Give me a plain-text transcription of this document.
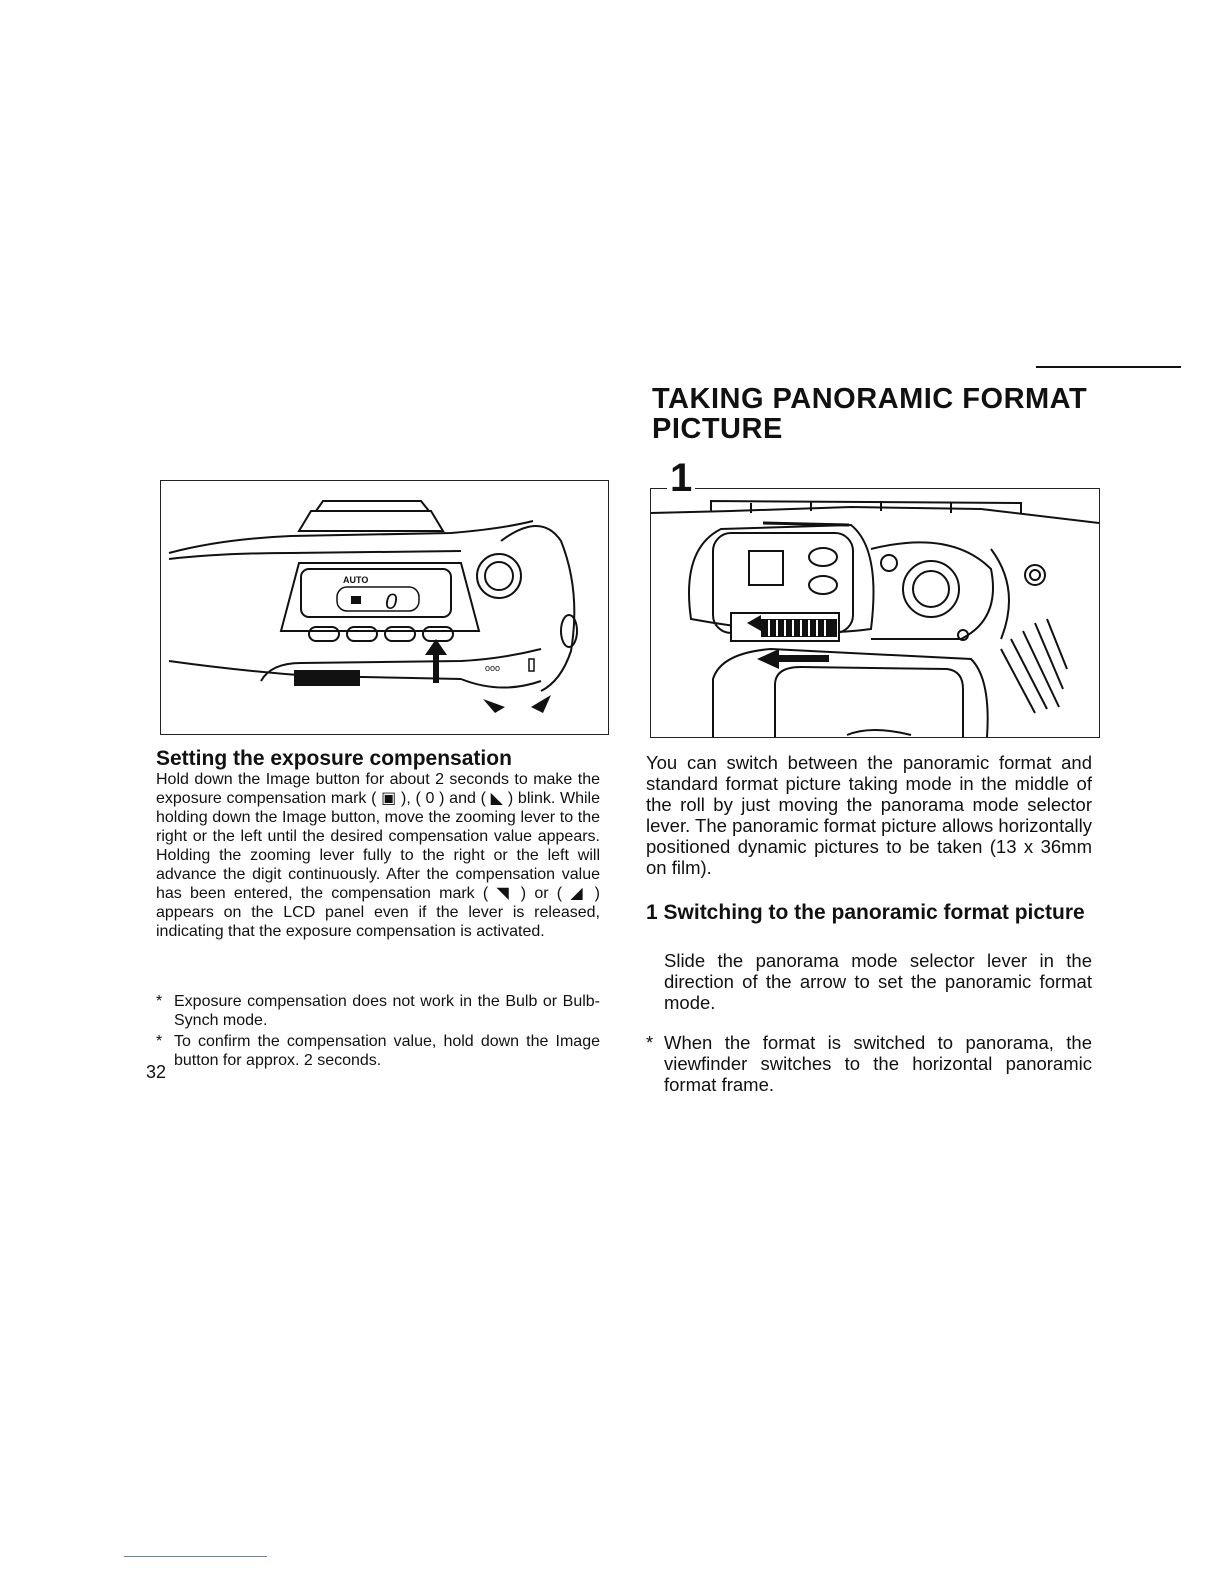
TAKING PANORAMIC FORMAT PICTURE
AUTO
0
ooo
1
Setting the exposure compensation
Hold down the Image button for about 2 seconds to make the exposure compensation mark ( ▣ ), ( 0 ) and ( ◣ ) blink. While holding down the Image button, move the zooming lever to the right or the left until the desired compensation value appears. Holding the zooming lever fully to the right or the left will advance the digit continuously. After the compensation value has been entered, the compensation mark ( ◥ ) or ( ◢ ) appears on the LCD panel even if the lever is released, indicating that the exposure compensation is activated.
* Exposure compensation does not work in the Bulb or Bulb-Synch mode.
* To confirm the compensation value, hold down the Image button for approx. 2 seconds.
32
You can switch between the panoramic format and standard format picture taking mode in the middle of the roll by just moving the panorama mode selector lever. The panoramic format picture allows horizontally positioned dynamic pictures to be taken (13 x 36mm on film).
1 Switching to the panoramic format picture
Slide the panorama mode selector lever in the direction of the arrow to set the panoramic format mode.
* When the format is switched to panorama, the viewfinder switches to the horizontal panoramic format frame.
